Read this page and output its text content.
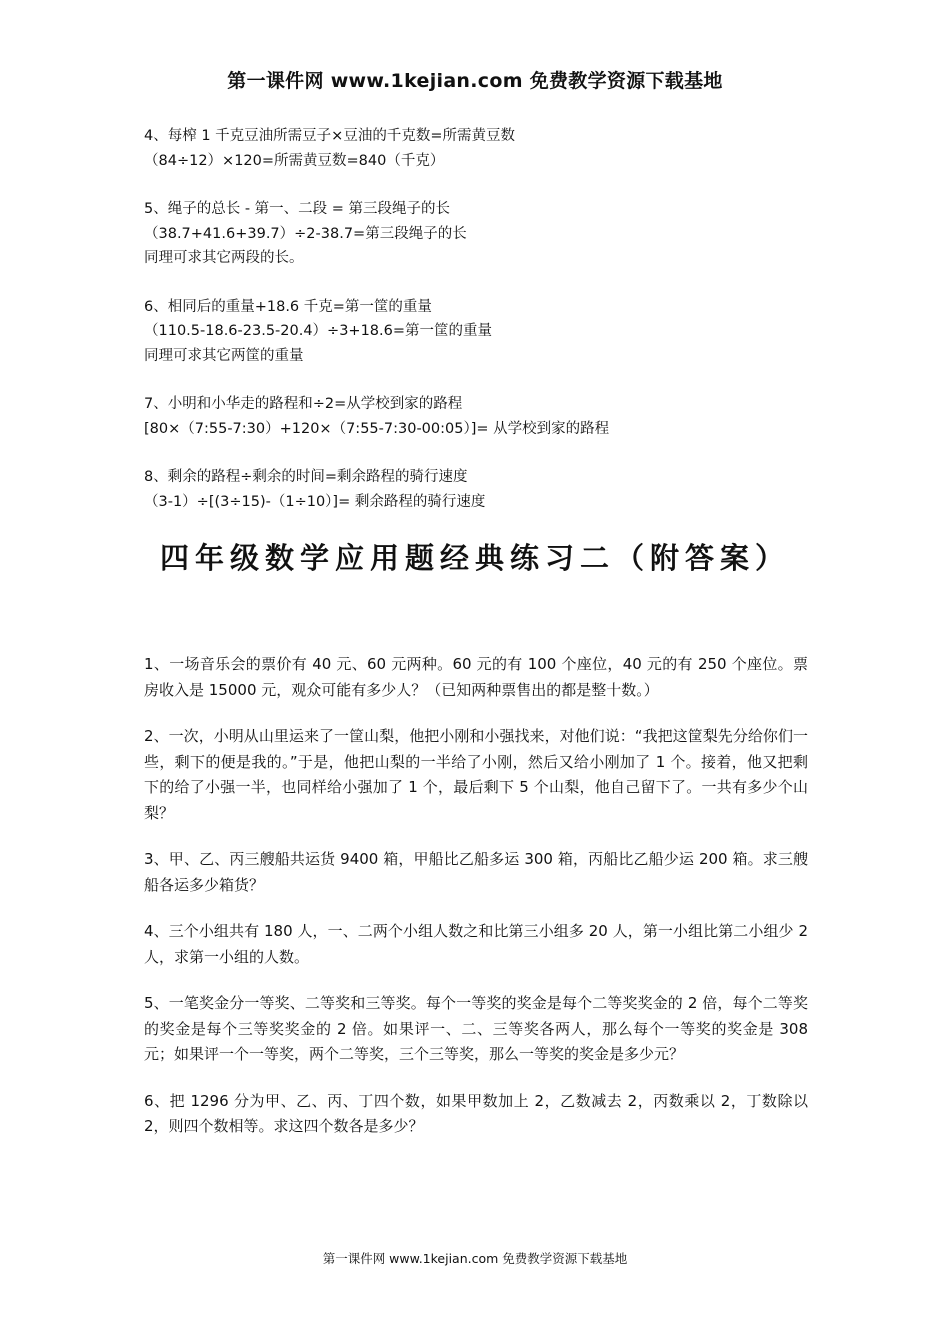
第一课件网 www.1kejian.com 免费教学资源下载基地

4、每榨 1 千克豆油所需豆子×豆油的千克数=所需黄豆数

（84÷12）×120=所需黄豆数=840（千克）

5、绳子的总长 - 第一、二段 = 第三段绳子的长

（38.7+41.6+39.7）÷2-38.7=第三段绳子的长

同理可求其它两段的长。

6、相同后的重量+18.6 千克=第一筐的重量

（110.5-18.6-23.5-20.4）÷3+18.6=第一筐的重量

同理可求其它两筐的重量

7、小明和小华走的路程和÷2=从学校到家的路程

[80×（7:55-7:30）+120×（7:55-7:30-00:05）]= 从学校到家的路程

8、剩余的路程÷剩余的时间=剩余路程的骑行速度

（3-1）÷[(3÷15)-（1÷10）]= 剩余路程的骑行速度

四年级数学应用题经典练习二（附答案）

1、一场音乐会的票价有 40 元、60 元两种。60 元的有 100 个座位，40 元的有 250 个座位。票房收入是 15000 元，观众可能有多少人？（已知两种票售出的都是整十数。）

2、一次，小明从山里运来了一筐山梨，他把小刚和小强找来，对他们说：“我把这筐梨先分给你们一些，剩下的便是我的。”于是，他把山梨的一半给了小刚，然后又给小刚加了 1 个。接着，他又把剩下的给了小强一半，也同样给小强加了 1 个，最后剩下 5 个山梨，他自己留下了。一共有多少个山梨？

3、甲、乙、丙三艘船共运货 9400 箱，甲船比乙船多运 300 箱，丙船比乙船少运 200 箱。求三艘船各运多少箱货？

4、三个小组共有 180 人，一、二两个小组人数之和比第三小组多 20 人，第一小组比第二小组少 2 人，求第一小组的人数。

5、一笔奖金分一等奖、二等奖和三等奖。每个一等奖的奖金是每个二等奖奖金的 2 倍，每个二等奖的奖金是每个三等奖奖金的 2 倍。如果评一、二、三等奖各两人，那么每个一等奖的奖金是 308 元；如果评一个一等奖，两个二等奖，三个三等奖，那么一等奖的奖金是多少元？

6、把 1296 分为甲、乙、丙、丁四个数，如果甲数加上 2，乙数减去 2，丙数乘以 2，丁数除以 2，则四个数相等。求这四个数各是多少？

第一课件网 www.1kejian.com 免费教学资源下载基地
